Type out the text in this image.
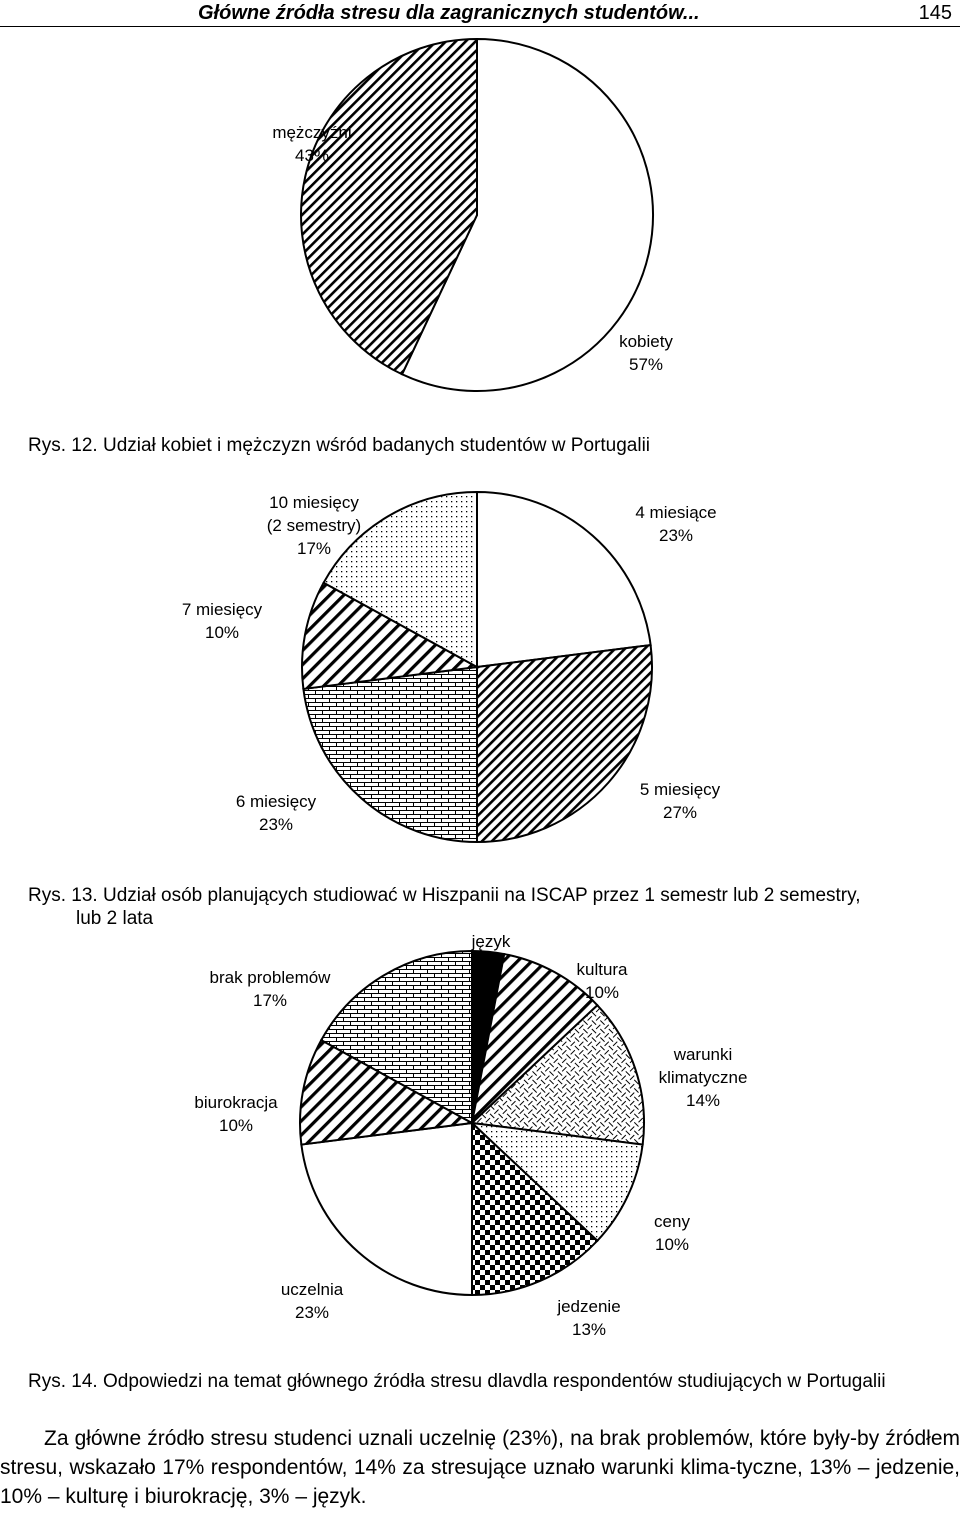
Główne źródła stresu dla zagranicznych studentów...	145
kobiety 57%
mężczyźni 43%
Rys. 12. Udział kobiet i mężczyzn wśród badanych studentów w Portugalii
4 miesiące 23%
5 miesięcy 27%
6 miesięcy 23%
7 miesięcy 10%
10 miesięcy (2 semestry) 17%
Rys. 13. Udział osób planujących studiować w Hiszpanii na ISCAP przez 1 semestr lub 2 semestry,
lub 2 lata
język 3%	kultura 10%
warunki klimatyczne 14%
ceny 10%
jedzenie 13%
uczelnia 23%
biurokracja 10%
brak problemów 17%
Rys. 14. Odpowiedzi na temat głównego źródła stresu dlavdla respondentów studiujących w Portugalii

Za główne źródło stresu studenci uznali uczelnię (23%), na brak problemów, które były-by źródłem stresu, wskazało 17% respondentów, 14% za stresujące uznało warunki klima-tyczne, 13% – jedzenie, 10% – kulturę i biurokrację, 3% – język.
